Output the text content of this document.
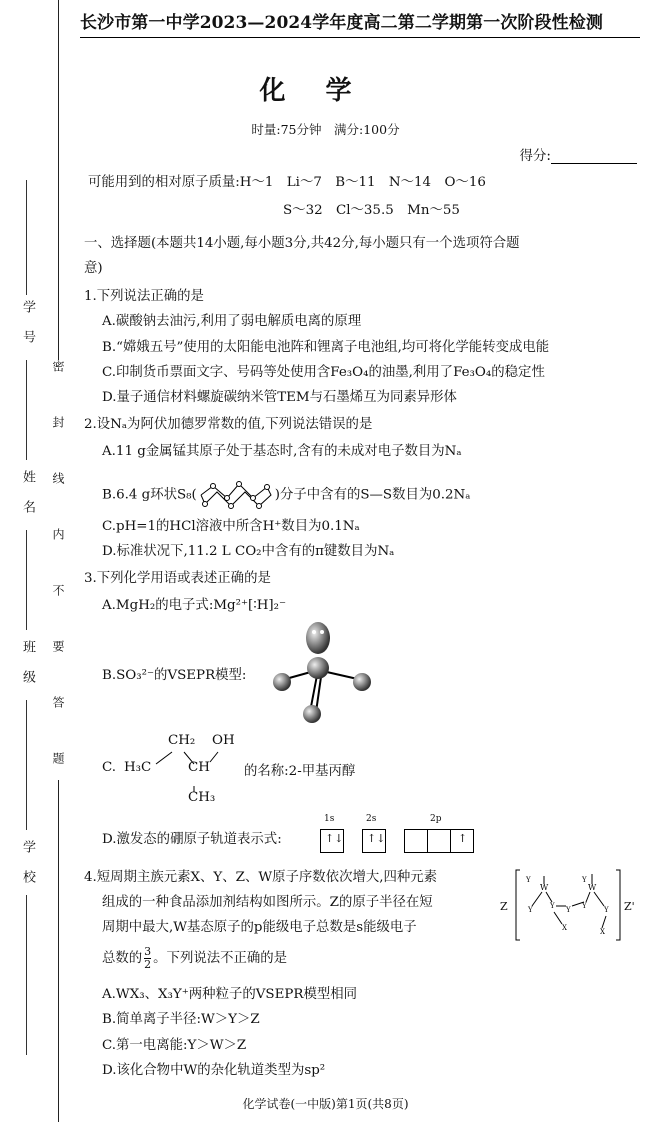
学　校
班　级
姓　名
学　号
密　封　线　内　不　要　答　题
长沙市第一中学2023—2024学年度高二第二学期第一次阶段性检测
化学
时量:75分钟　满分:100分
得分:
可能用到的相对原子质量:H～1　Li～7　B～11　N～14　O～16
S～32　Cl～35.5　Mn～55
一、选择题(本题共14小题,每小题3分,共42分,每小题只有一个选项符合题
意)
1.下列说法正确的是
A.碳酸钠去油污,利用了弱电解质电离的原理
B.“嫦娥五号”使用的太阳能电池阵和锂离子电池组,均可将化学能转变成电能
C.印制货币票面文字、号码等处使用含Fe₃O₄的油墨,利用了Fe₃O₄的稳定性
D.量子通信材料螺旋碳纳米管TEM与石墨烯互为同素异形体
2.设Nₐ为阿伏加德罗常数的值,下列说法错误的是
A.11 g金属锰其原子处于基态时,含有的未成对电子数目为Nₐ
B.6.4 g环状S₈(	)分子中含有的S—S数目为0.2Nₐ
C.pH=1的HCl溶液中所含H⁺数目为0.1Nₐ
D.标准状况下,11.2 L CO₂中含有的π键数目为Nₐ
3.下列化学用语或表述正确的是
A.MgH₂的电子式:Mg²⁺[∶H]₂⁻
B.SO₃²⁻的VSEPR模型:
C. H₃C
CH₂ OH
CH
CH₃
的名称:2-甲基丙醇
D.激发态的硼原子轨道表示式:
1s	2s	2p
↑↓ ↑↓	↑
4.短周期主族元素X、Y、Z、W原子序数依次增大,四种元素
组成的一种食品添加剂结构如图所示。Z的原子半径在短
周期中最大,W基态原子的p能级电子总数是s能级电子
总数的 $\frac{3}{2}$ 。下列说法不正确的是
Z	Z'
Y	Y
W	W
Y Y Y Y Y
X	X
A.WX₃、X₃Y⁺两种粒子的VSEPR模型相同
B.简单离子半径:W＞Y＞Z
C.第一电离能:Y＞W＞Z
D.该化合物中W的杂化轨道类型为sp²
化学试卷(一中版)第1页(共8页)
